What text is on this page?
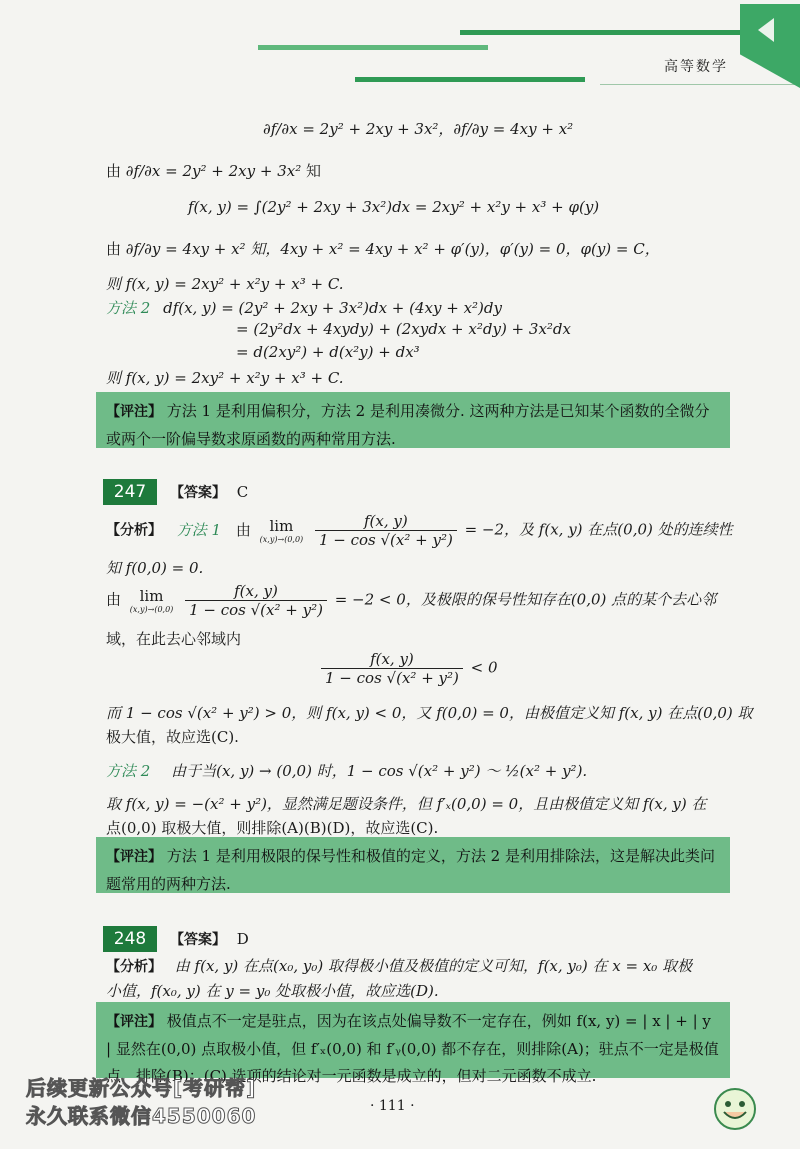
高等数学
∂f/∂x = 2y² + 2xy + 3x²，∂f/∂y = 4xy + x²
由 ∂f/∂x = 2y² + 2xy + 3x² 知
f(x, y) = ∫(2y² + 2xy + 3x²)dx = 2xy² + x²y + x³ + φ(y)
由 ∂f/∂y = 4xy + x² 知，4xy + x² = 4xy + x² + φ′(y)，φ′(y) = 0，φ(y) = C，
则 f(x, y) = 2xy² + x²y + x³ + C.
方法 2 df(x, y) = (2y² + 2xy + 3x²)dx + (4xy + x²)dy
= (2y²dx + 4xydy) + (2xydx + x²dy) + 3x²dx
= d(2xy²) + d(x²y) + dx³
则 f(x, y) = 2xy² + x²y + x³ + C.
【评注】 方法 1 是利用偏积分，方法 2 是利用凑微分. 这两种方法是已知某个函数的全微分或两个一阶偏导数求原函数的两种常用方法.
247	【答案】 C
【分析】 方法 1 由	lim
(x,y)→(0,0)
$\frac{f(x, y)}{\text{1 − cos √(x² + y²)}} = -2$，及 f(x, y) 在点(0,0) 处的连续性
知 f(0,0) = 0.
由	lim
(x,y)→(0,0)
$\frac{f(x, y)}{\text{1 − cos √(x² + y²)}} = -2 < 0$，及极限的保号性知存在(0,0) 点的某个去心邻
域，在此去心邻域内
$\frac{f(x, y)}{\text{1 − cos √(x² + y²)}} < 0$
而 1 − cos √(x² + y²) > 0，则 f(x, y) < 0，又 f(0,0) = 0，由极值定义知 f(x, y) 在点(0,0) 取
极大值，故应选(C).
方法 2 由于当(x, y) → (0,0) 时，1 − cos √(x² + y²) ～ ½(x² + y²).
取 f(x, y) = −(x² + y²)，显然满足题设条件，但 f′ₓ(0,0) = 0，且由极值定义知 f(x, y) 在
点(0,0) 取极大值，则排除(A)(B)(D)，故应选(C).
【评注】 方法 1 是利用极限的保号性和极值的定义，方法 2 是利用排除法，这是解决此类问题常用的两种方法.
248	【答案】 D
【分析】 由 f(x, y) 在点(x₀, y₀) 取得极小值及极值的定义可知，f(x, y₀) 在 x = x₀ 取极
小值，f(x₀, y) 在 y = y₀ 处取极小值，故应选(D).
【评注】 极值点不一定是驻点，因为在该点处偏导数不一定存在，例如 f(x, y) = | x | + | y | 显然在(0,0) 点取极小值，但 f′ₓ(0,0) 和 f′ᵧ(0,0) 都不存在，则排除(A)；驻点不一定是极值点，排除(B)；(C) 选项的结论对一元函数是成立的，但对二元函数不成立.
· 111 ·
后续更新公众号[考研帮]
永久联系微信4550060
